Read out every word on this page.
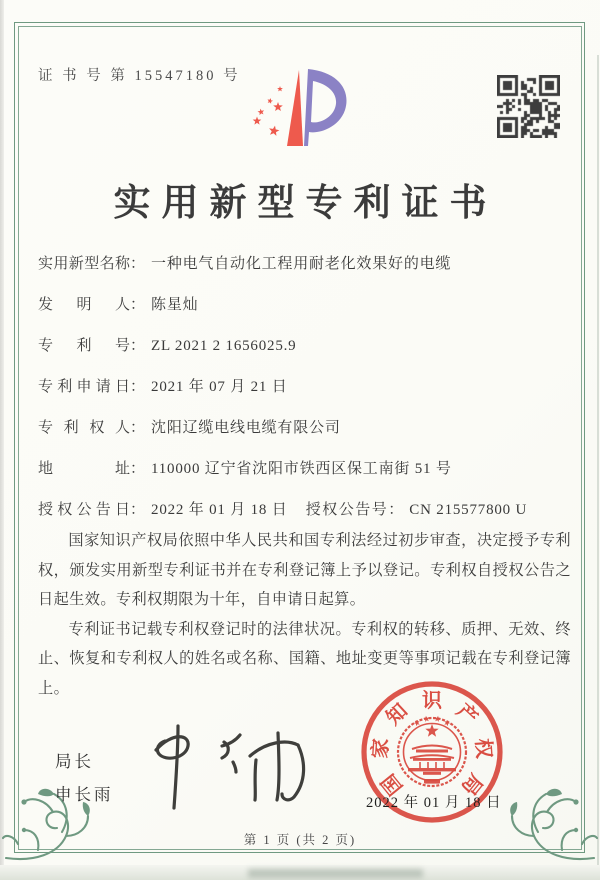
证 书 号 第 15547180 号
实用新型专利证书
实用新型名称： 一种电气自动化工程用耐老化效果好的电缆
发明人： 陈星灿
专利号： ZL 2021 2 1656025.9
专利申请日： 2021 年 07 月 21 日
专利权人： 沈阳辽缆电线电缆有限公司
地址： 110000 辽宁省沈阳市铁西区保工南街 51 号
授权公告日： 2022 年 01 月 18 日 授权公告号： CN 215577800 U

国家知识产权局依照中华人民共和国专利法经过初步审查，决定授予专利权，颁发实用新型专利证书并在专利登记簿上予以登记。专利权自授权公告之日起生效。专利权期限为十年，自申请日起算。

专利证书记载专利权登记时的法律状况。专利权的转移、质押、无效、终止、恢复和专利权人的姓名或名称、国籍、地址变更等事项记载在专利登记簿上。

局长
申长雨	国
家
知 识 产
权
局
2022 年 01 月 18 日
第 1 页 (共 2 页)
